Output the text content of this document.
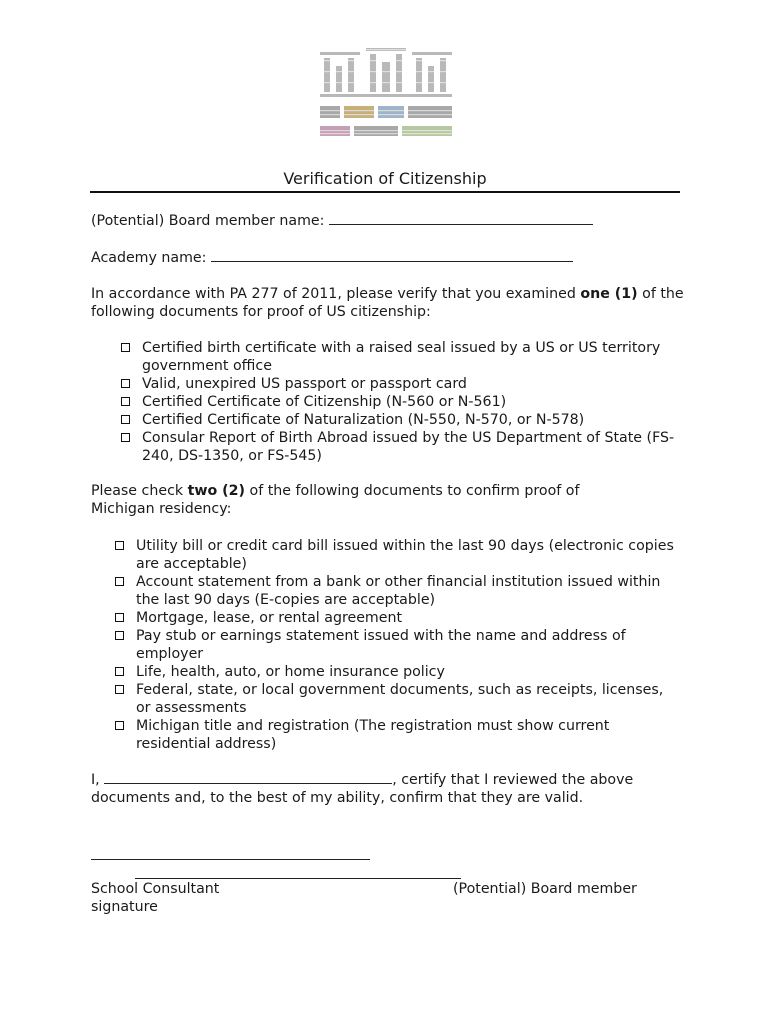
Verification of Citizenship
(Potential) Board member name:
Academy name:
In accordance with PA 277 of 2011, please verify that you examined one (1) of the following documents for proof of US citizenship:
Certified birth certificate with a raised seal issued by a US or US territory government office
Valid, unexpired US passport or passport card
Certified Certificate of Citizenship (N-560 or N-561)
Certified Certificate of Naturalization (N-550, N-570, or N-578)
Consular Report of Birth Abroad issued by the US Department of State (FS-240, DS-1350, or FS-545)
Please check two (2) of the following documents to confirm proof of Michigan residency:
Utility bill or credit card bill issued within the last 90 days (electronic copies are acceptable)
Account statement from a bank or other financial institution issued within the last 90 days (E-copies are acceptable)
Mortgage, lease, or rental agreement
Pay stub or earnings statement issued with the name and address of employer
Life, health, auto, or home insurance policy
Federal, state, or local government documents, such as receipts, licenses, or assessments
Michigan title and registration (The registration must show current residential address)
I,	, certify that I reviewed the above documents and, to the best of my ability, confirm that they are valid.
School Consultant signature
(Potential) Board member
